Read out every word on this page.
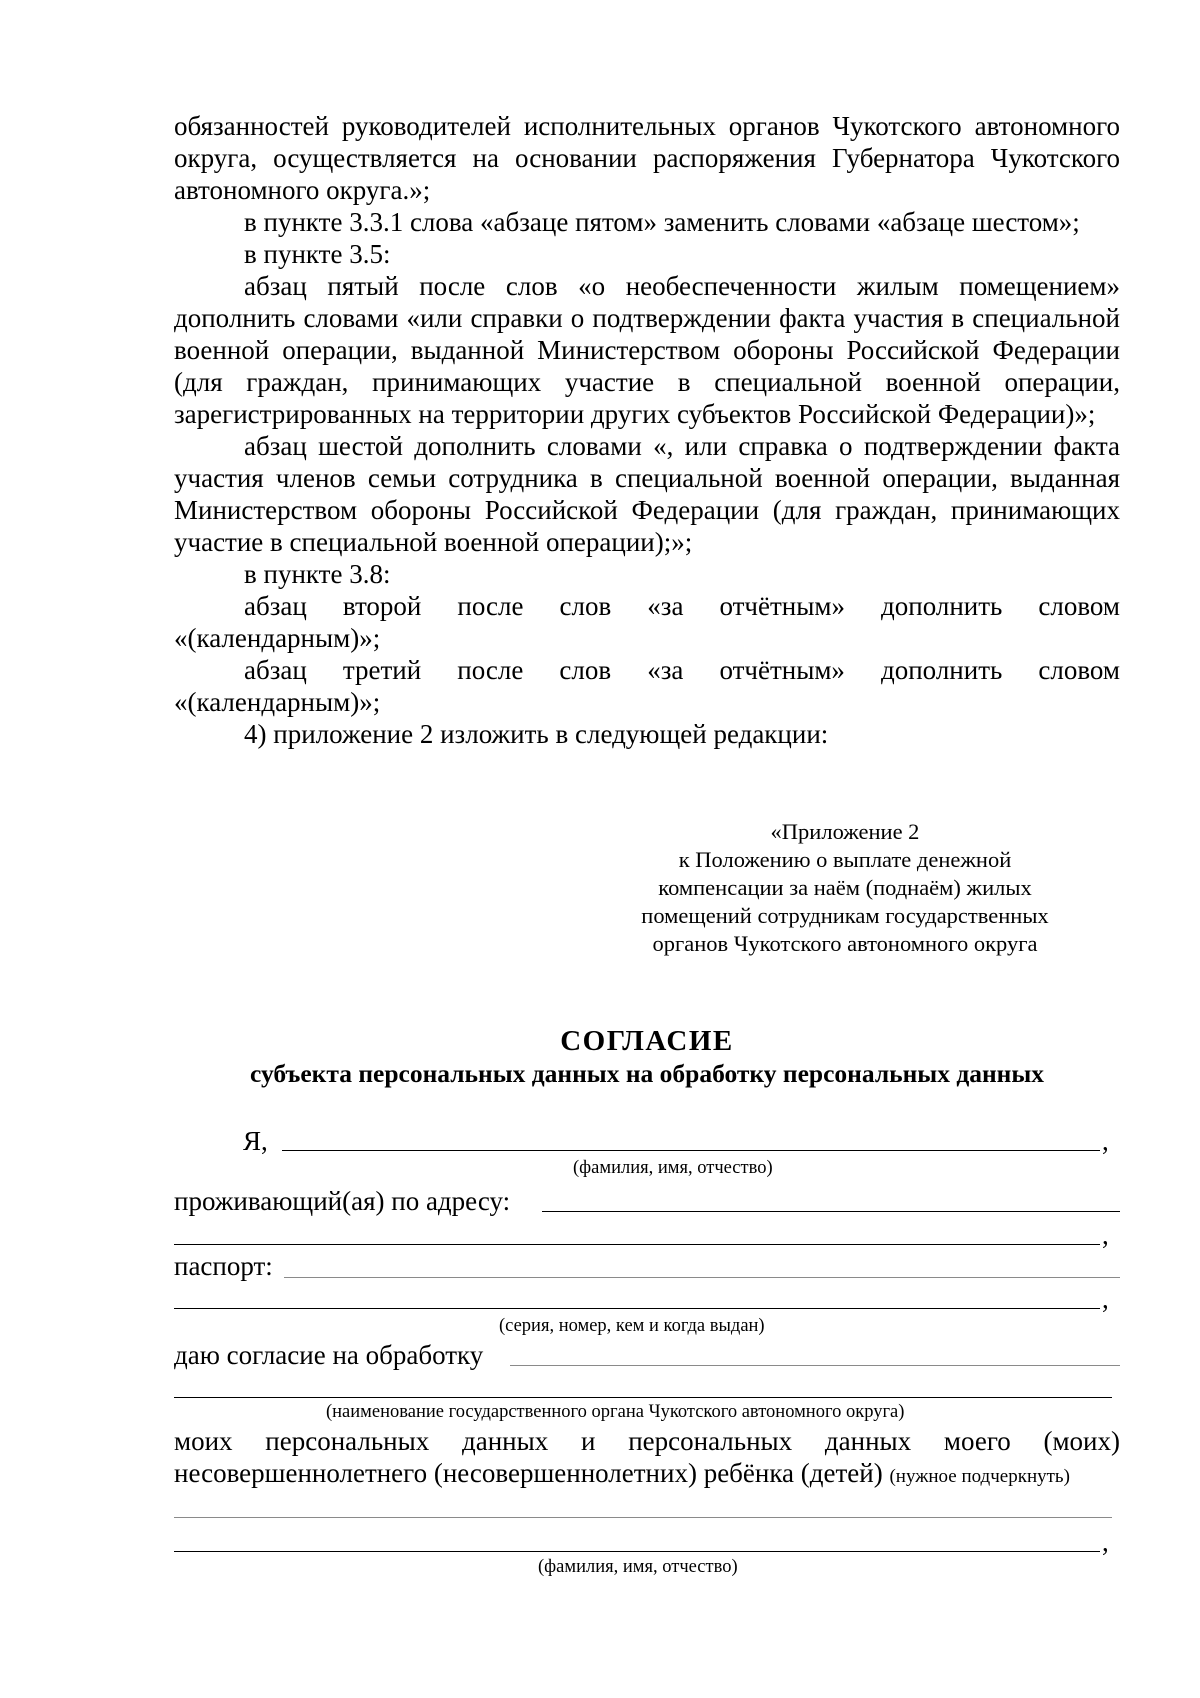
обязанностей руководителей исполнительных органов Чукотского автономного округа, осуществляется на основании распоряжения Губернатора Чукотского автономного округа.»;

в пункте 3.3.1 слова «абзаце пятом» заменить словами «абзаце шестом»;

в пункте 3.5:

абзац пятый после слов «о необеспеченности жилым помещением» дополнить словами «или справки о подтверждении факта участия в специальной военной операции, выданной Министерством обороны Российской Федерации (для граждан, принимающих участие в специальной военной операции, зарегистрированных на территории других субъектов Российской Федерации)»;

абзац шестой дополнить словами «, или справка о подтверждении факта участия членов семьи сотрудника в специальной военной операции, выданная Министерством обороны Российской Федерации (для граждан, принимающих участие в специальной военной операции);»;

в пункте 3.8:

абзац второй после слов «за отчётным» дополнить словом «(календарным)»;

абзац третий после слов «за отчётным» дополнить словом «(календарным)»;

4) приложение 2 изложить в следующей редакции:

«Приложение 2
к Положению о выплате денежной
компенсации за наём (поднаём) жилых
помещений сотрудникам государственных
органов Чукотского автономного округа
СОГЛАСИЕ
субъекта персональных данных на обработку персональных данных
Я,	,
(фамилия, имя, отчество)
проживающий(ая) по адресу:
,
паспорт:
,
(серия, номер, кем и когда выдан)
даю согласие на обработку
(наименование государственного органа Чукотского автономного округа)

моих персональных данных и персональных данных моего (моих)

несовершеннолетнего (несовершеннолетних) ребёнка (детей) (нужное подчеркнуть)
,
(фамилия, имя, отчество)
